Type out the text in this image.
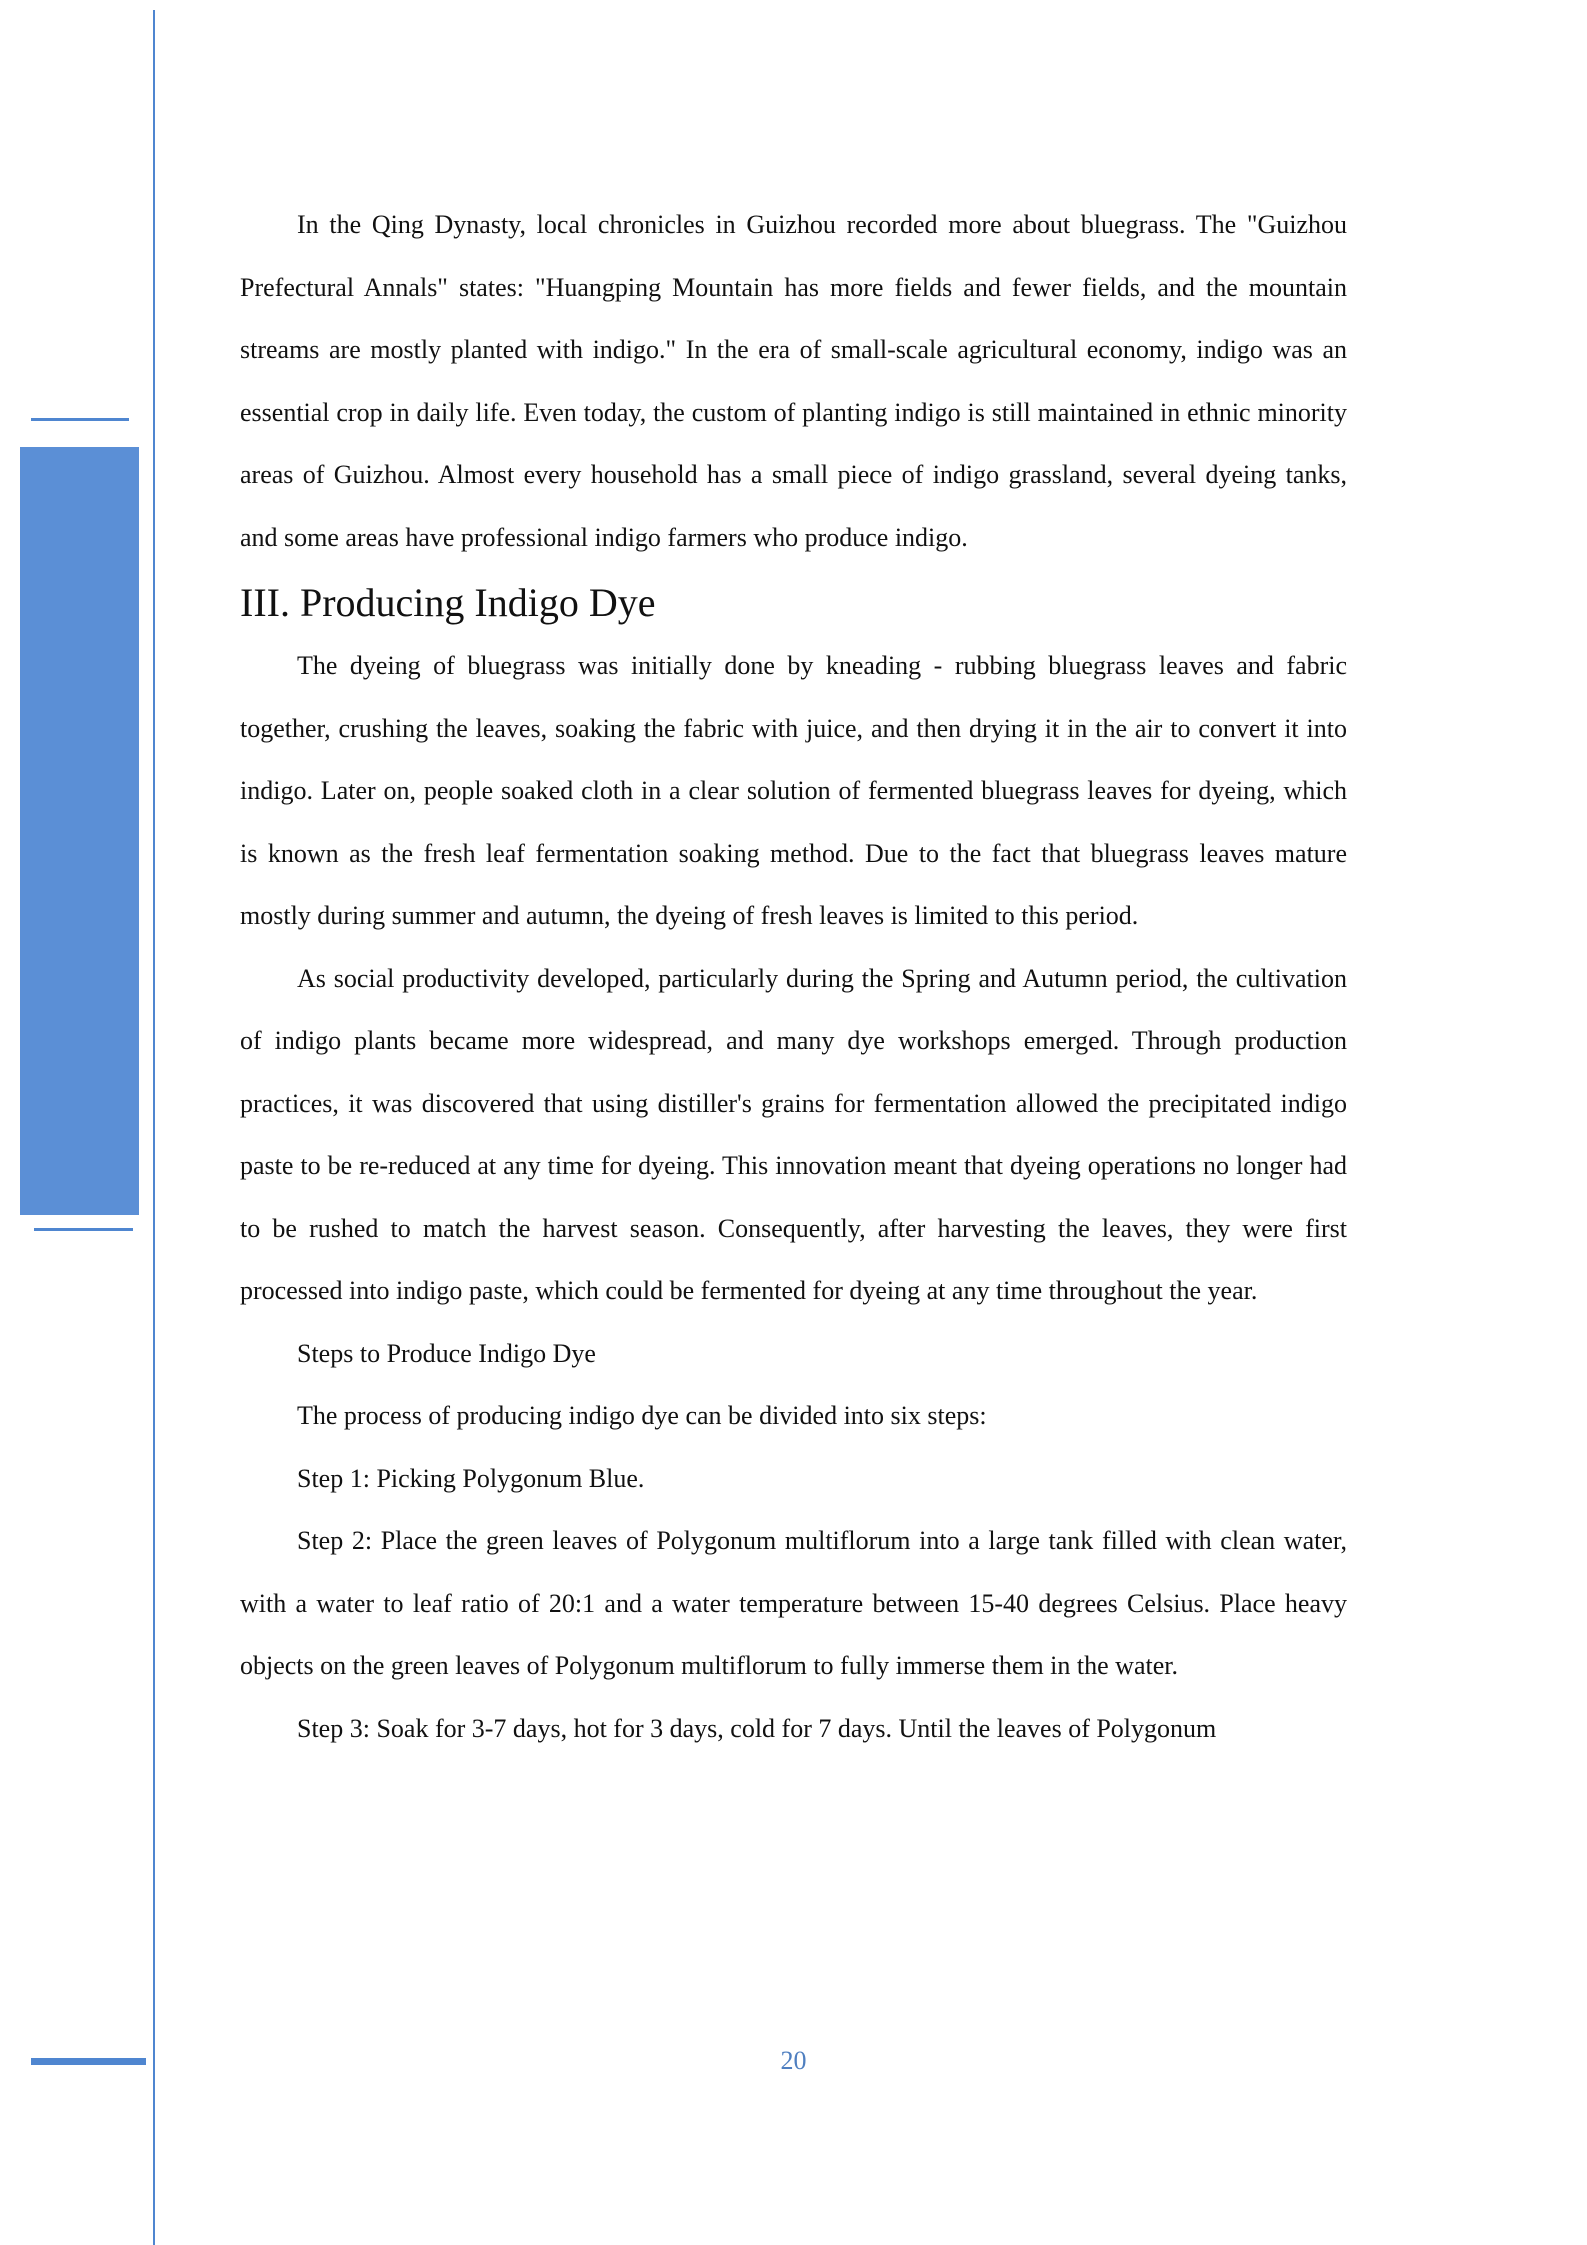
In the Qing Dynasty, local chronicles in Guizhou recorded more about bluegrass. The "Guizhou Prefectural Annals" states: "Huangping Mountain has more fields and fewer fields, and the mountain streams are mostly planted with indigo." In the era of small-scale agricultural economy, indigo was an essential crop in daily life. Even today, the custom of planting indigo is still maintained in ethnic minority areas of Guizhou. Almost every household has a small piece of indigo grassland, several dyeing tanks, and some areas have professional indigo farmers who produce indigo.

III. Producing Indigo Dye

The dyeing of bluegrass was initially done by kneading - rubbing bluegrass leaves and fabric together, crushing the leaves, soaking the fabric with juice, and then drying it in the air to convert it into indigo. Later on, people soaked cloth in a clear solution of fermented bluegrass leaves for dyeing, which is known as the fresh leaf fermentation soaking method. Due to the fact that bluegrass leaves mature mostly during summer and autumn, the dyeing of fresh leaves is limited to this period.

As social productivity developed, particularly during the Spring and Autumn period, the cultivation of indigo plants became more widespread, and many dye workshops emerged. Through production practices, it was discovered that using distiller's grains for fermentation allowed the precipitated indigo paste to be re-reduced at any time for dyeing. This innovation meant that dyeing operations no longer had to be rushed to match the harvest season. Consequently, after harvesting the leaves, they were first processed into indigo paste, which could be fermented for dyeing at any time throughout the year.

Steps to Produce Indigo Dye

The process of producing indigo dye can be divided into six steps:

Step 1: Picking Polygonum Blue.

Step 2: Place the green leaves of Polygonum multiflorum into a large tank filled with clean water, with a water to leaf ratio of 20:1 and a water temperature between 15-40 degrees Celsius. Place heavy objects on the green leaves of Polygonum multiflorum to fully immerse them in the water.

Step 3: Soak for 3-7 days, hot for 3 days, cold for 7 days. Until the leaves of Polygonum

20
